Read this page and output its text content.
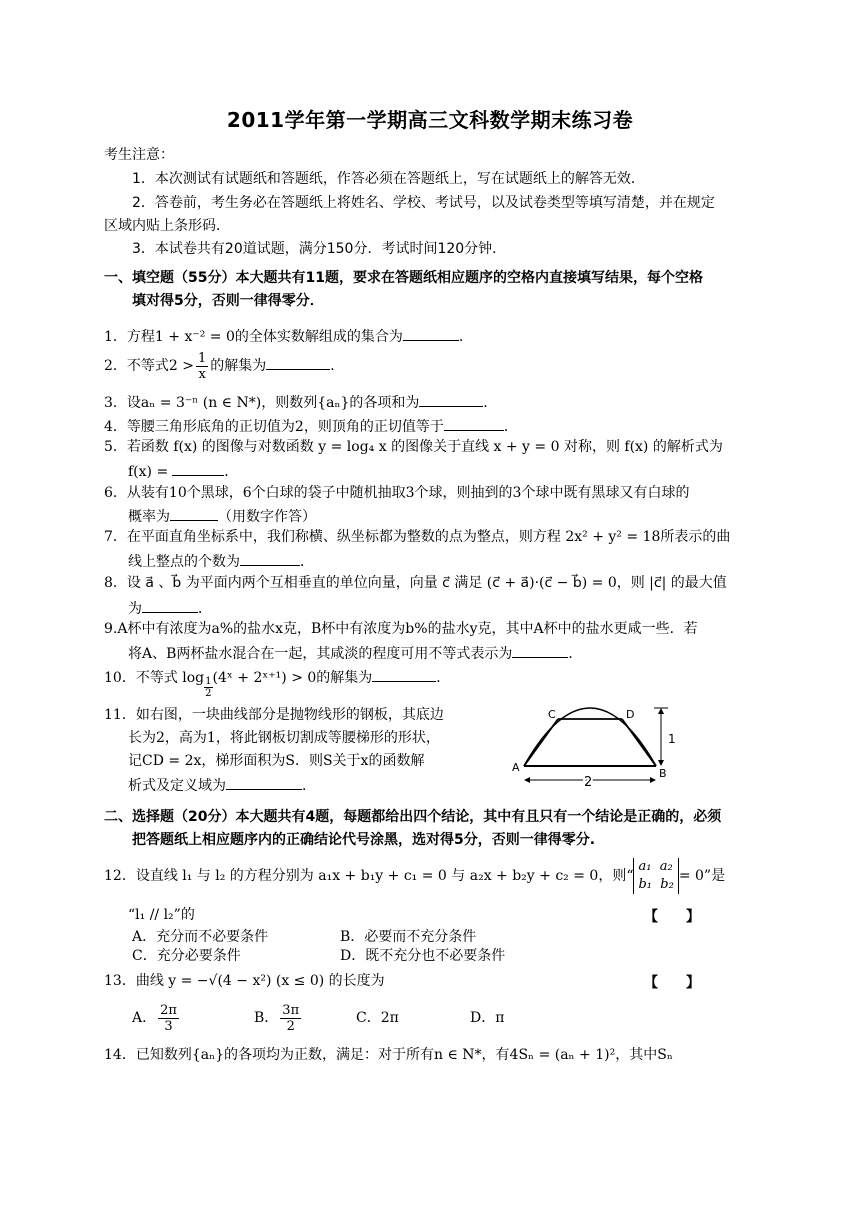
2011学年第一学期高三文科数学期末练习卷
考生注意：
1．本次测试有试题纸和答题纸，作答必须在答题纸上，写在试题纸上的解答无效．
2．答卷前，考生务必在答题纸上将姓名、学校、考试号，以及试卷类型等填写清楚，并在规定
区域内贴上条形码．
3．本试卷共有20道试题，满分150分．考试时间120分钟．
一、填空题（55分）本大题共有11题，要求在答题纸相应题序的空格内直接填写结果，每个空格
填对得5分，否则一律得零分．
1．方程1 + x⁻² = 0的全体实数解组成的集合为	．
2．不等式$2 > \frac{1}{x}$ 的解集为	．
3．设aₙ = 3⁻ⁿ (n ∈ N*)，则数列{aₙ}的各项和为	．
4．等腰三角形底角的正切值为2，则顶角的正切值等于	．
5．若函数 f(x) 的图像与对数函数 y = log₄ x 的图像关于直线 x + y = 0 对称，则 f(x) 的解析式为
f(x) =	．
6．从装有10个黑球，6个白球的袋子中随机抽取3个球，则抽到的3个球中既有黑球又有白球的
概率为	（用数字作答）
7．在平面直角坐标系中，我们称横、纵坐标都为整数的点为整点，则方程 2x² + y² = 18所表示的曲
线上整点的个数为	．
8．设 a⃗ 、b⃗ 为平面内两个互相垂直的单位向量，向量 c⃗ 满足 (c⃗ + a⃗)·(c⃗ − b⃗) = 0，则 |c⃗| 的最大值
为	．
9.A杯中有浓度为a%的盐水x克，B杯中有浓度为b%的盐水y克，其中A杯中的盐水更咸一些．若
将A、B两杯盐水混合在一起，其咸淡的程度可用不等式表示为	．
10．不等式 $\log \frac{1}{2}$ (4ˣ + 2ˣ⁺¹) > 0的解集为	．
11．如右图，一块曲线部分是抛物线形的钢板，其底边
长为2，高为1，将此钢板切割成等腰梯形的形状，
记CD = 2x，梯形面积为S．则S关于x的函数解
析式及定义域为	．
C	D
A	B
1
2
二、选择题（20分）本大题共有4题，每题都给出四个结论，其中有且只有一个结论是正确的，必须
把答题纸上相应题序内的正确结论代号涂黑，选对得5分，否则一律得零分.
12．设直线 l₁ 与 l₂ 的方程分别为 a₁x + b₁y + c₁ = 0 与 a₂x + b₂y + c₂ = 0，则“a₁ a₂
b₁ b₂= 0”是
“l₁ // l₂”的	【　　】
A．充分而不必要条件	B．必要而不充分条件
C．充分必要条件	D．既不充分也不必要条件
13．曲线 y = −√(4 − x²) (x ≤ 0) 的长度为	【　　】
A． $\frac{2\pi}{3}$	B． $\frac{3\pi}{2}$	C．2π	D．π
14．已知数列{aₙ}的各项均为正数，满足：对于所有n ∈ N*，有4Sₙ = (aₙ + 1)²，其中Sₙ
